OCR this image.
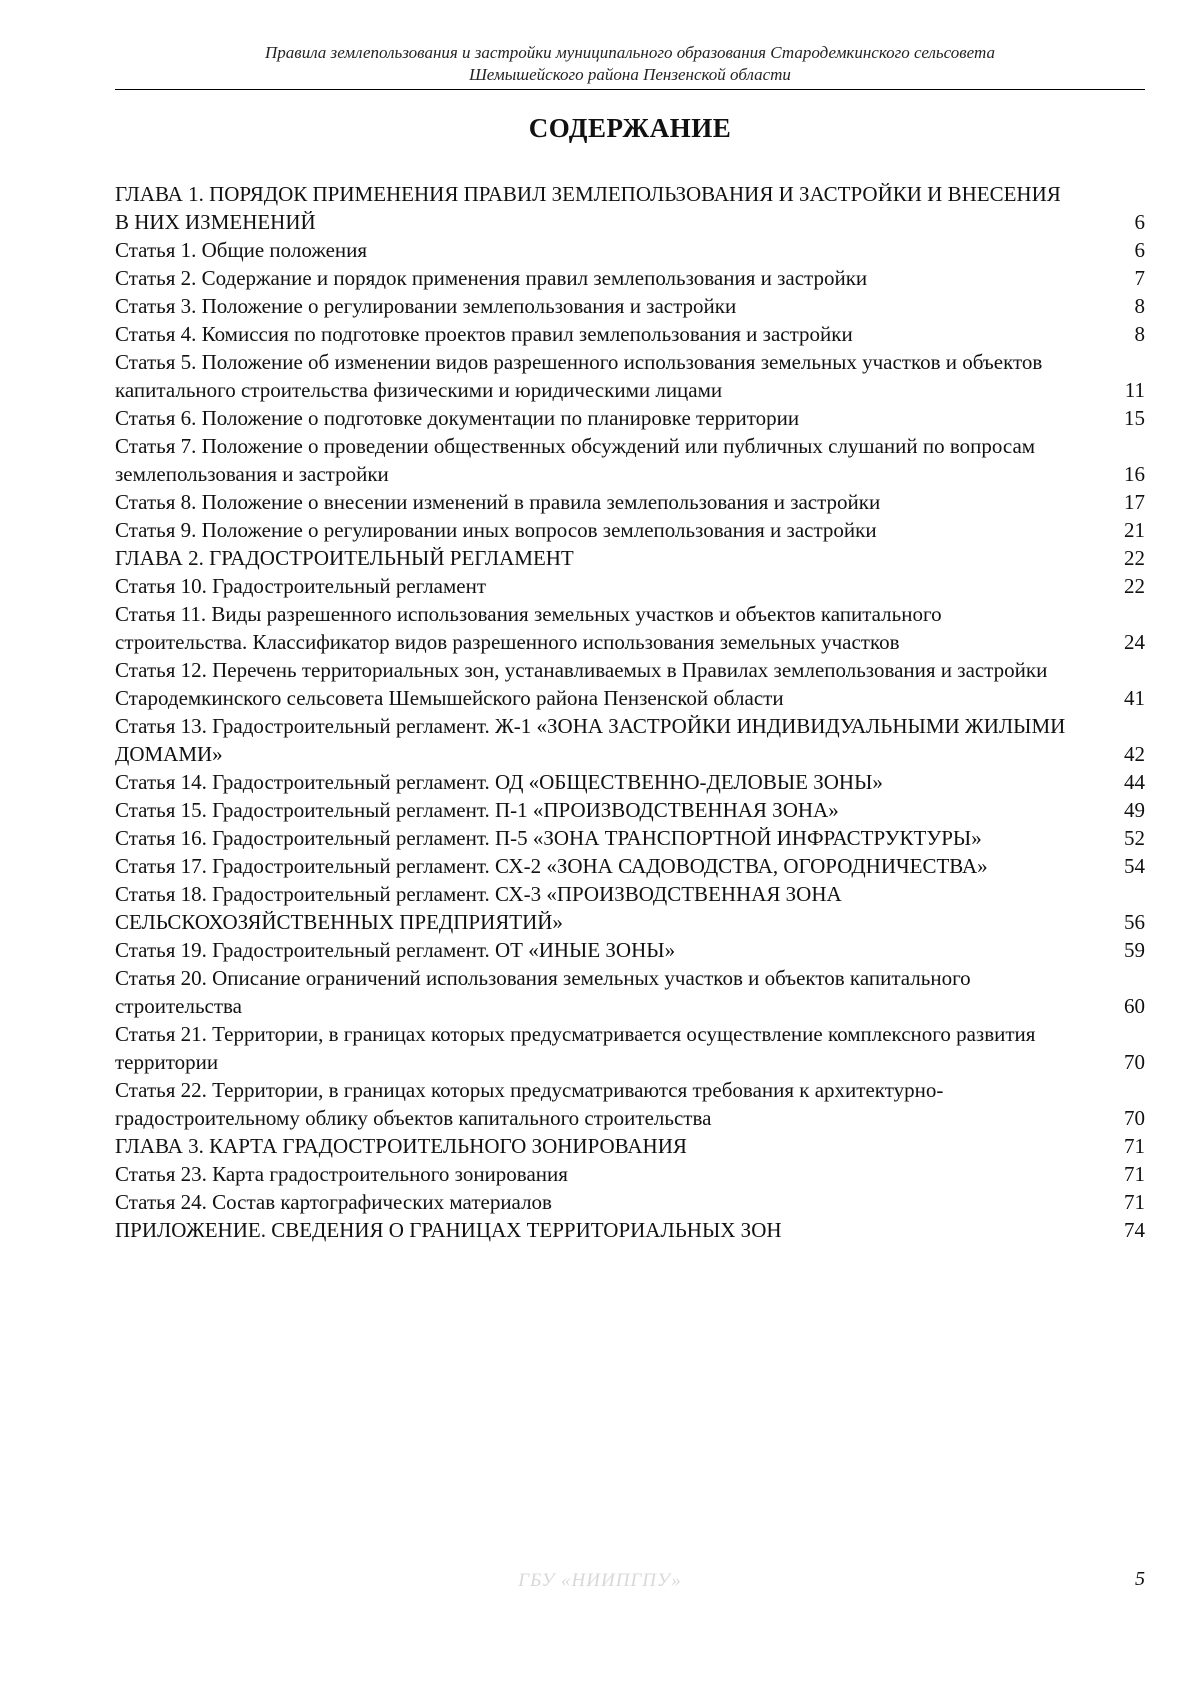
Правила землепользования и застройки муниципального образования Стародемкинского сельсовета
Шемышейского района Пензенской области
СОДЕРЖАНИЕ
ГЛАВА 1. ПОРЯДОК ПРИМЕНЕНИЯ ПРАВИЛ ЗЕМЛЕПОЛЬЗОВАНИЯ И ЗАСТРОЙКИ И ВНЕСЕНИЯ В НИХ ИЗМЕНЕНИЙ	6
Статья 1. Общие положения	6
Статья 2. Содержание и порядок применения правил землепользования и застройки	7
Статья 3. Положение о регулировании землепользования и застройки	8
Статья 4. Комиссия по подготовке проектов правил землепользования и застройки	8
Статья 5. Положение об изменении видов разрешенного использования земельных участков и объектов капитального строительства физическими и юридическими лицами	11
Статья 6. Положение о подготовке документации по планировке территории	15
Статья 7. Положение о проведении общественных обсуждений или публичных слушаний по вопросам землепользования и застройки	16
Статья 8. Положение о внесении изменений в правила землепользования и застройки	17
Статья 9. Положение о регулировании иных вопросов землепользования и застройки	21
ГЛАВА 2. ГРАДОСТРОИТЕЛЬНЫЙ РЕГЛАМЕНТ	22
Статья 10. Градостроительный регламент	22
Статья 11. Виды разрешенного использования земельных участков и объектов капитального строительства. Классификатор видов разрешенного использования земельных участков	24
Статья 12. Перечень территориальных зон, устанавливаемых в Правилах землепользования и застройки Стародемкинского сельсовета Шемышейского района Пензенской области	41
Статья 13. Градостроительный регламент. Ж-1 «ЗОНА ЗАСТРОЙКИ ИНДИВИДУАЛЬНЫМИ ЖИЛЫМИ ДОМАМИ»	42
Статья 14. Градостроительный регламент. ОД «ОБЩЕСТВЕННО-ДЕЛОВЫЕ ЗОНЫ»	44
Статья 15. Градостроительный регламент. П-1 «ПРОИЗВОДСТВЕННАЯ ЗОНА»	49
Статья 16. Градостроительный регламент. П-5 «ЗОНА ТРАНСПОРТНОЙ ИНФРАСТРУКТУРЫ»	52
Статья 17. Градостроительный регламент. СХ-2 «ЗОНА САДОВОДСТВА, ОГОРОДНИЧЕСТВА»	54
Статья 18. Градостроительный регламент. СХ-3 «ПРОИЗВОДСТВЕННАЯ ЗОНА СЕЛЬСКОХОЗЯЙСТВЕННЫХ ПРЕДПРИЯТИЙ»	56
Статья 19. Градостроительный регламент. ОТ «ИНЫЕ ЗОНЫ»	59
Статья 20. Описание ограничений использования земельных участков и объектов капитального строительства	60
Статья 21. Территории, в границах которых предусматривается осуществление комплексного развития территории	70
Статья 22. Территории, в границах которых предусматриваются требования к архитектурно-градостроительному облику объектов капитального строительства	70
ГЛАВА 3. КАРТА ГРАДОСТРОИТЕЛЬНОГО ЗОНИРОВАНИЯ	71
Статья 23. Карта градостроительного зонирования	71
Статья 24. Состав картографических материалов	71
ПРИЛОЖЕНИЕ. СВЕДЕНИЯ О ГРАНИЦАХ ТЕРРИТОРИАЛЬНЫХ ЗОН	74
ГБУ «НИИПГПУ»	5
